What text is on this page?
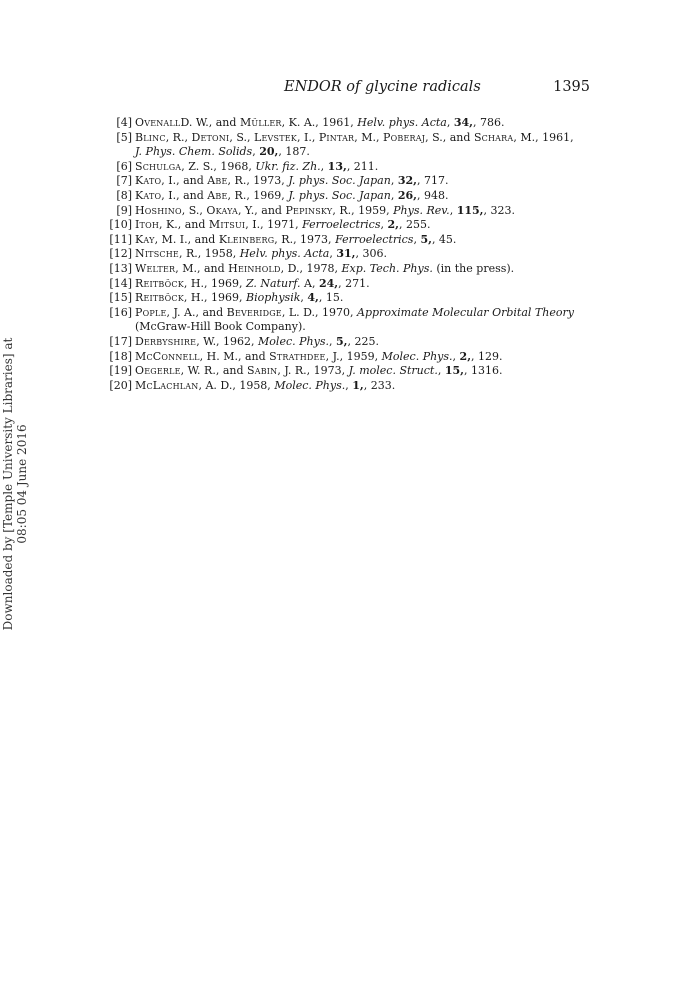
ENDOR of glycine radicals	1395
[4] OvenallD. W., and Müller, K. A., 1961, Helv. phys. Acta, 34,, 786.
[5] Blinc, R., Detoni, S., Levstek, I., Pintar, M., Poberaj, S., and Schara, M., 1961,
J. Phys. Chem. Solids, 20,, 187.
[6] Schulga, Z. S., 1968, Ukr. fiz. Zh., 13,, 211.
[7] Kato, I., and Abe, R., 1973, J. phys. Soc. Japan, 32,, 717.
[8] Kato, I., and Abe, R., 1969, J. phys. Soc. Japan, 26,, 948.
[9] Hoshino, S., Okaya, Y., and Pepinsky, R., 1959, Phys. Rev., 115,, 323.
[10] Itoh, K., and Mitsui, I., 1971, Ferroelectrics, 2,, 255.
[11] Kay, M. I., and Kleinberg, R., 1973, Ferroelectrics, 5,, 45.
[12] Nitsche, R., 1958, Helv. phys. Acta, 31,, 306.
[13] Welter, M., and Heinhold, D., 1978, Exp. Tech. Phys. (in the press).
[14] Reitböck, H., 1969, Z. Naturf. A, 24,, 271.
[15] Reitböck, H., 1969, Biophysik, 4,, 15.
[16] Pople, J. A., and Beveridge, L. D., 1970, Approximate Molecular Orbital Theory
(McGraw-Hill Book Company).
[17] Derbyshire, W., 1962, Molec. Phys., 5,, 225.
[18] McConnell, H. M., and Strathdee, J., 1959, Molec. Phys., 2,, 129.
[19] Oegerle, W. R., and Sabin, J. R., 1973, J. molec. Struct., 15,, 1316.
[20] McLachlan, A. D., 1958, Molec. Phys., 1,, 233.
Downloaded by [Temple University Libraries] at 08:05 04 June 2016
